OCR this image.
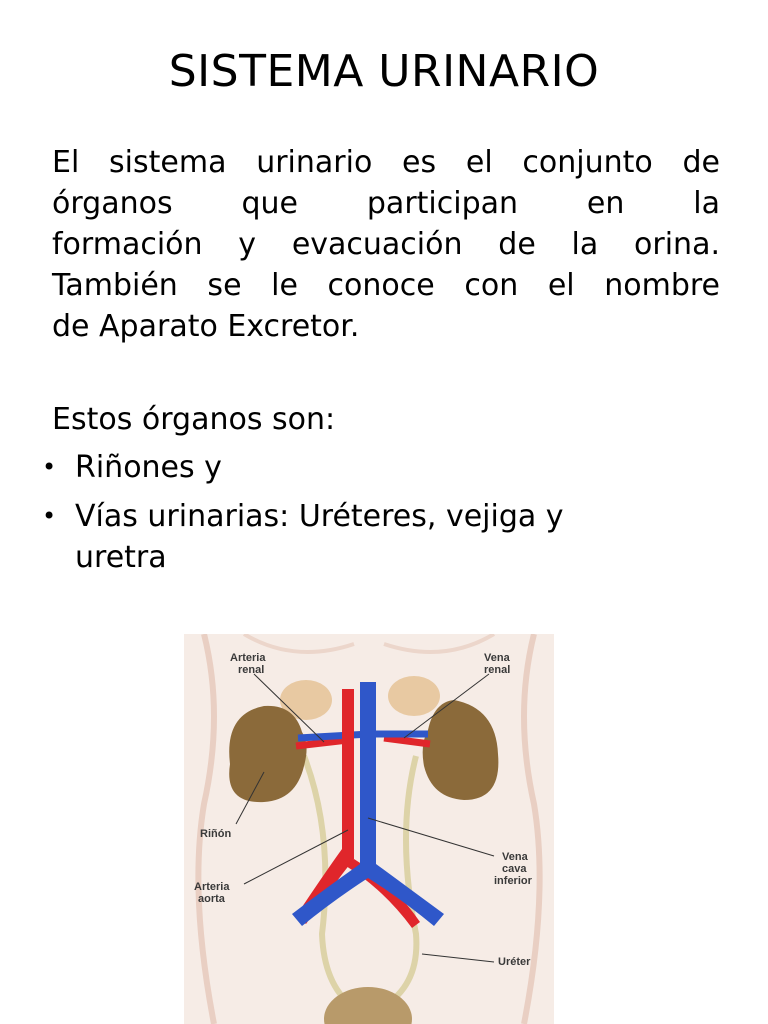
SISTEMA URINARIO
El sistema urinario es el conjunto de
órganos que participan en la
formación y evacuación de la orina.
También se le conoce con el nombre
de Aparato Excretor.
Estos órganos son:
• Riñones y
• Vías urinarias: Uréteres, vejiga y
uretra
Arteria
renal
Vena
renal
Riñón
Vena
cava
inferior
Arteria
aorta
Uréter
